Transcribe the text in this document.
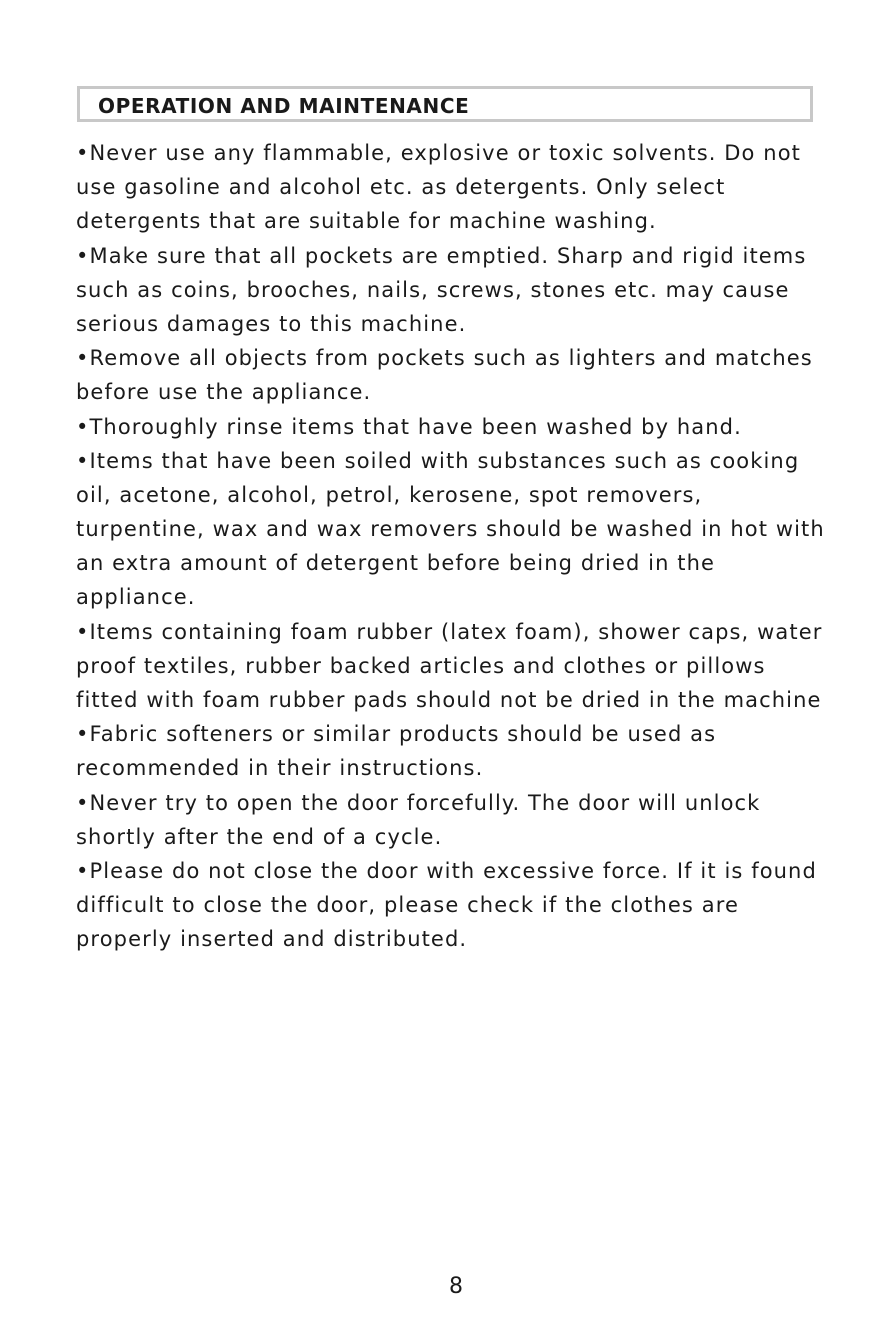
OPERATION AND MAINTENANCE
•Never use any flammable, explosive or toxic solvents. Do not
use gasoline and alcohol etc. as detergents. Only select
detergents that are suitable for machine washing.
•Make sure that all pockets are emptied. Sharp and rigid items
such as coins, brooches, nails, screws, stones etc. may cause
serious damages to this machine.
•Remove all objects from pockets such as lighters and matches
before use the appliance.
•Thoroughly rinse items that have been washed by hand.
•Items that have been soiled with substances such as cooking
oil, acetone, alcohol, petrol, kerosene, spot removers,
turpentine, wax and wax removers should be washed in hot with
an extra amount of detergent before being dried in the
appliance.
•Items containing foam rubber (latex foam), shower caps, water
proof textiles, rubber backed articles and clothes or pillows
fitted with foam rubber pads should not be dried in the machine
•Fabric softeners or similar products should be used as
recommended in their instructions.
•Never try to open the door forcefully. The door will unlock
shortly after the end of a cycle.
•Please do not close the door with excessive force. If it is found
difficult to close the door, please check if the clothes are
properly inserted and distributed.
8
